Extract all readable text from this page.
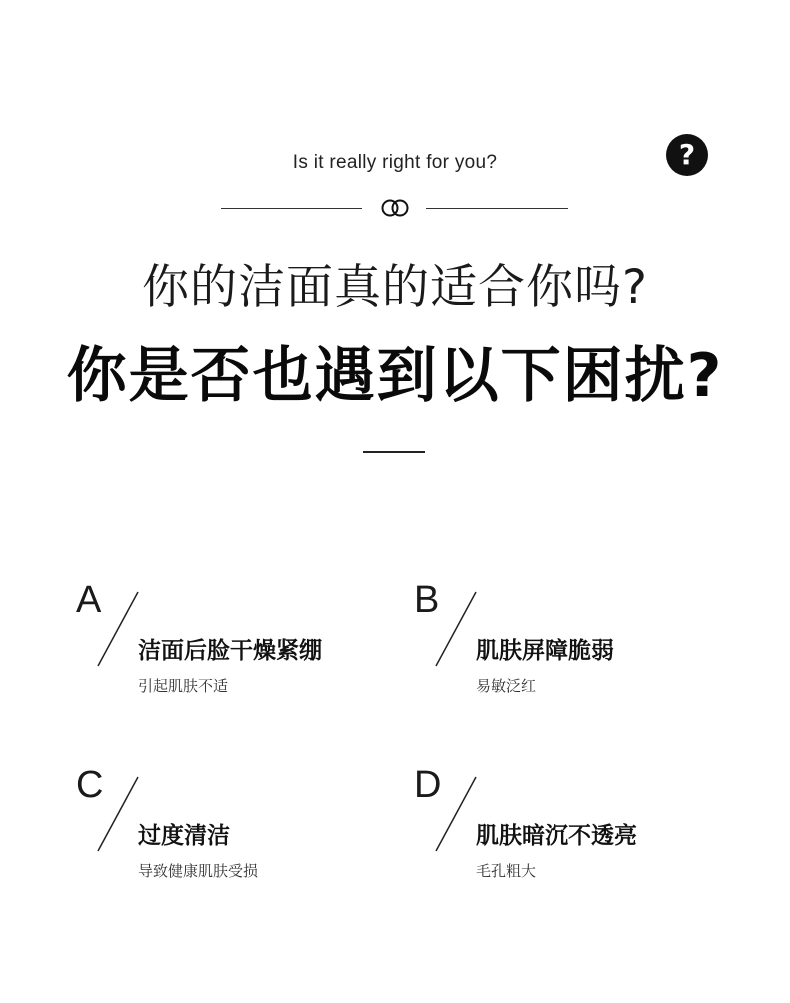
Is it really right for you?	?
你的洁面真的适合你吗?
你是否也遇到以下困扰?
A
洁面后脸干燥紧绷
引起肌肤不适
B
肌肤屏障脆弱
易敏泛红
C
过度清洁
导致健康肌肤受损
D
肌肤暗沉不透亮
毛孔粗大
